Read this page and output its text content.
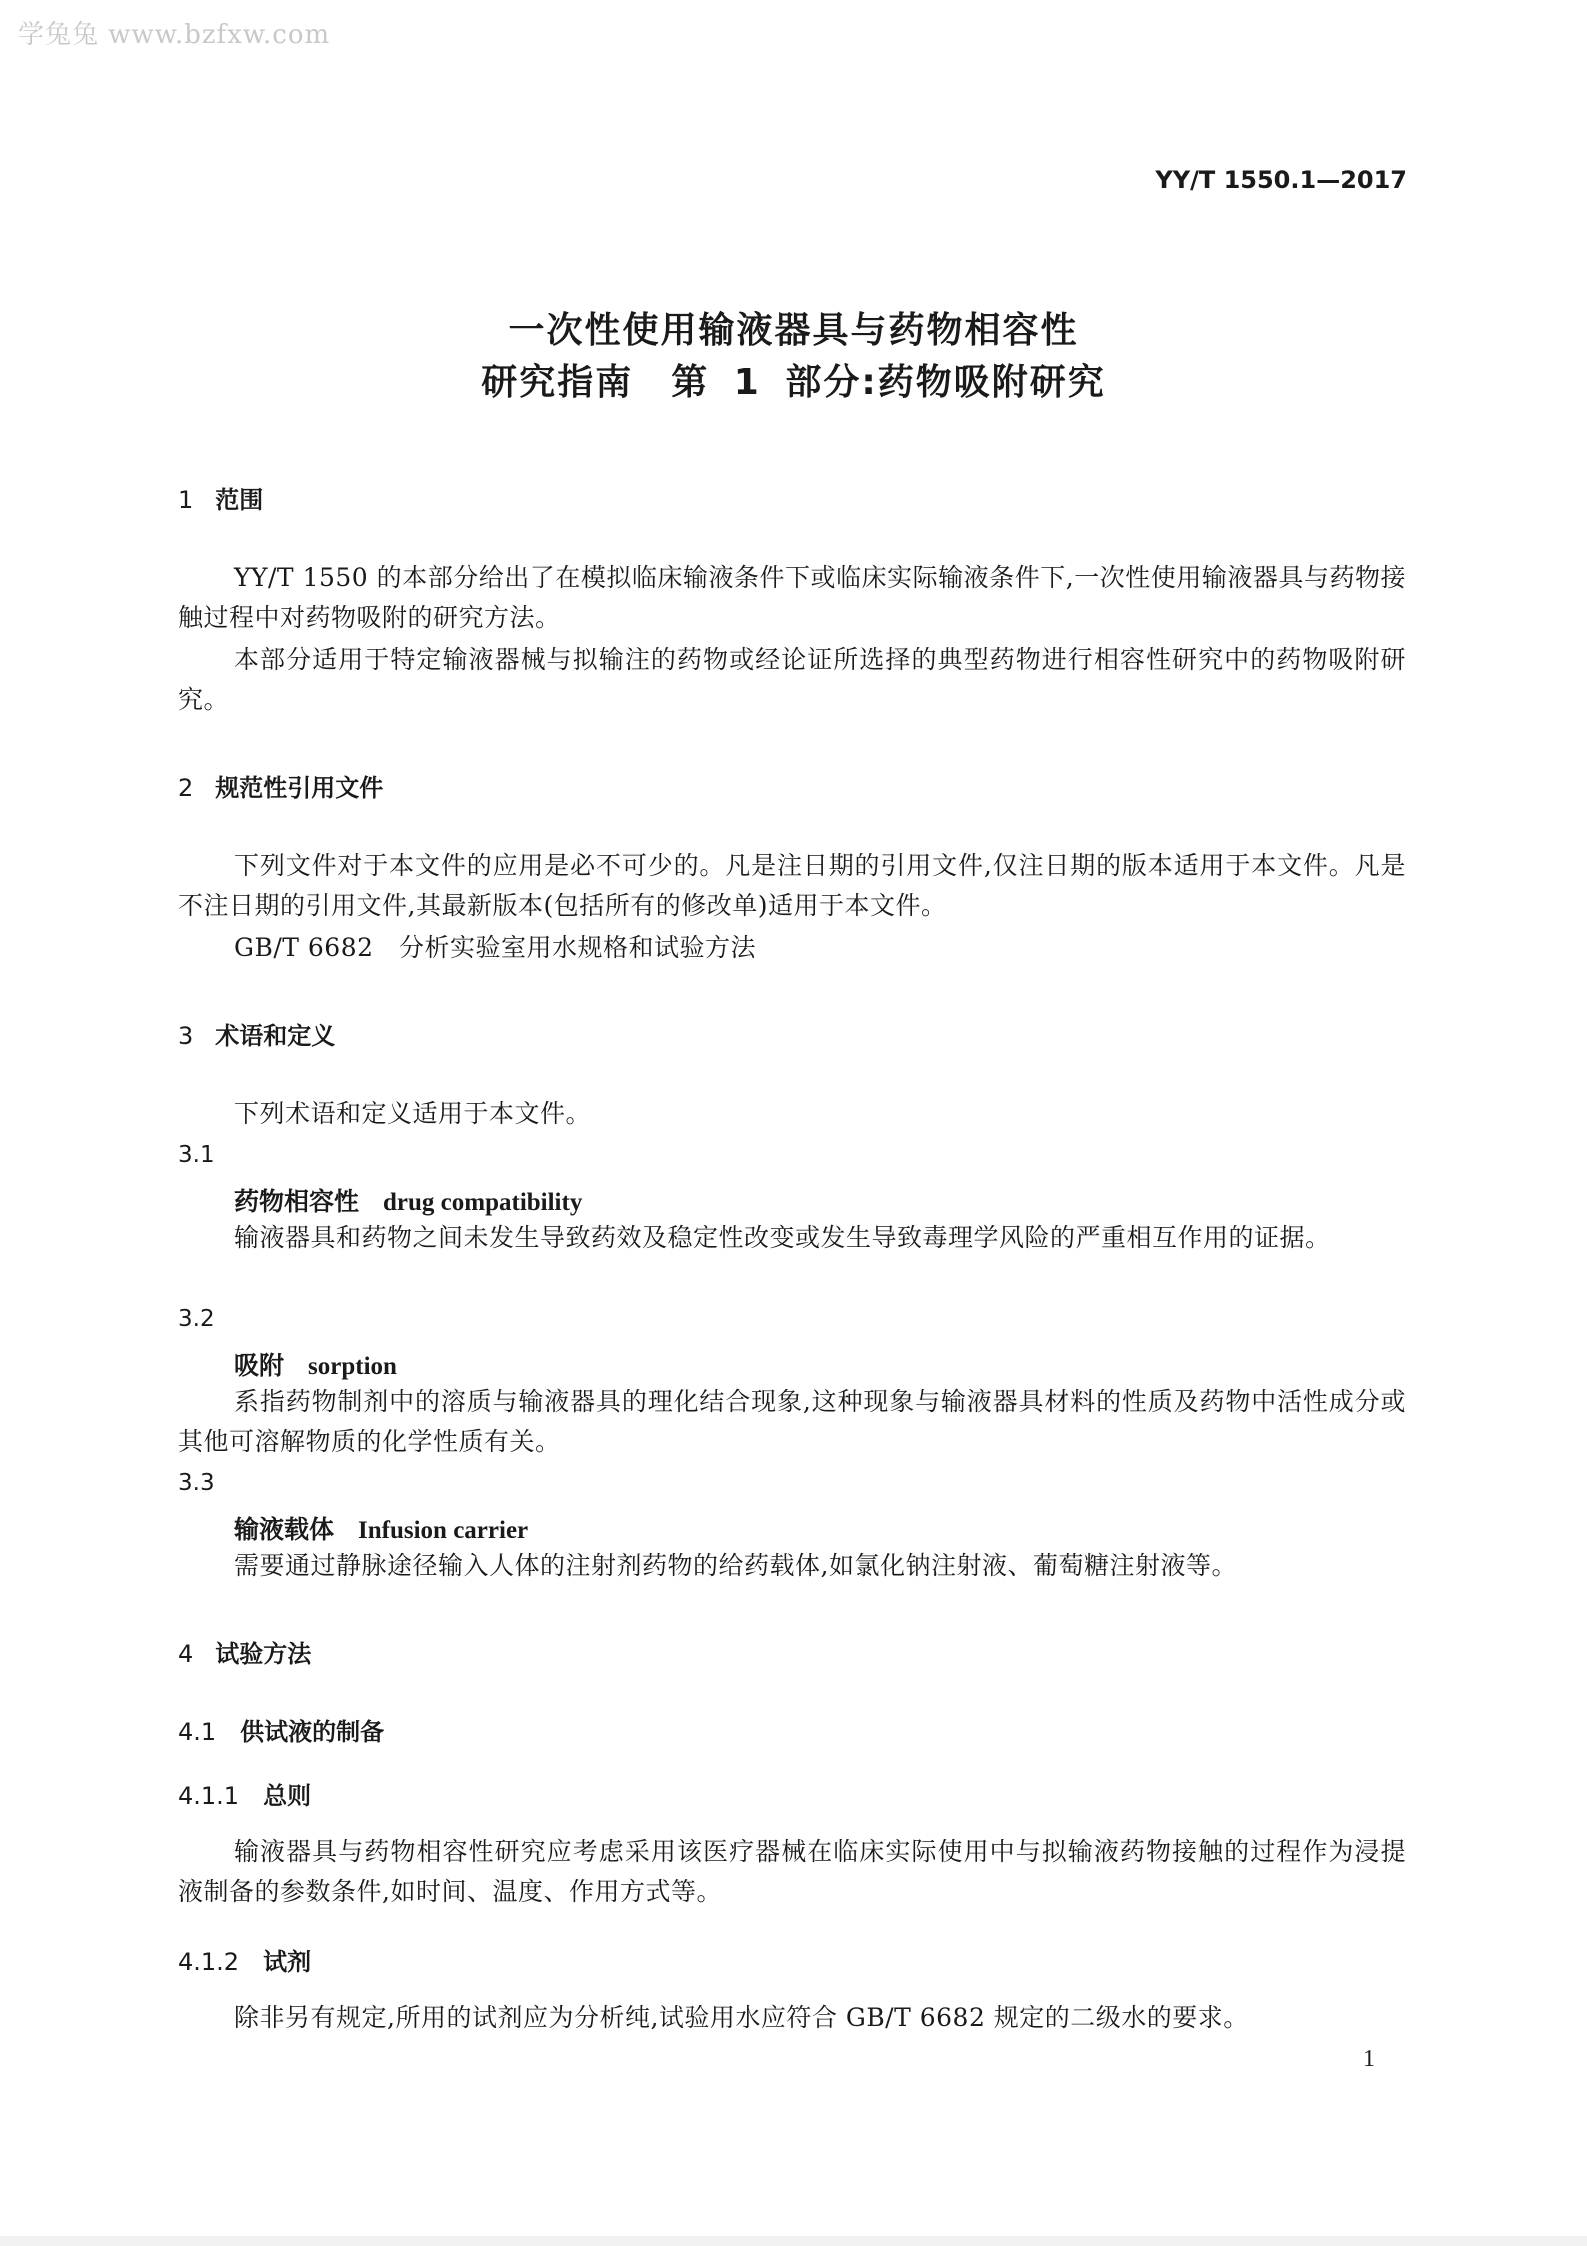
学兔兔 www.bzfxw.com
YY/T 1550.1—2017
一次性使用输液器具与药物相容性
研究指南　第 1 部分:药物吸附研究
1 范围
YY/T 1550 的本部分给出了在模拟临床输液条件下或临床实际输液条件下,一次性使用输液器具与药物接触过程中对药物吸附的研究方法。
本部分适用于特定输液器械与拟输注的药物或经论证所选择的典型药物进行相容性研究中的药物吸附研究。
2 规范性引用文件
下列文件对于本文件的应用是必不可少的。凡是注日期的引用文件,仅注日期的版本适用于本文件。凡是不注日期的引用文件,其最新版本(包括所有的修改单)适用于本文件。
GB/T 6682　分析实验室用水规格和试验方法
3 术语和定义
下列术语和定义适用于本文件。
3.1
药物相容性 drug compatibility
输液器具和药物之间未发生导致药效及稳定性改变或发生导致毒理学风险的严重相互作用的证据。
3.2
吸附 sorption
系指药物制剂中的溶质与输液器具的理化结合现象,这种现象与输液器具材料的性质及药物中活性成分或其他可溶解物质的化学性质有关。
3.3
输液载体 Infusion carrier
需要通过静脉途径输入人体的注射剂药物的给药载体,如氯化钠注射液、葡萄糖注射液等。
4 试验方法
4.1 供试液的制备
4.1.1 总则
输液器具与药物相容性研究应考虑采用该医疗器械在临床实际使用中与拟输液药物接触的过程作为浸提液制备的参数条件,如时间、温度、作用方式等。
4.1.2 试剂
除非另有规定,所用的试剂应为分析纯,试验用水应符合 GB/T 6682 规定的二级水的要求。
1
